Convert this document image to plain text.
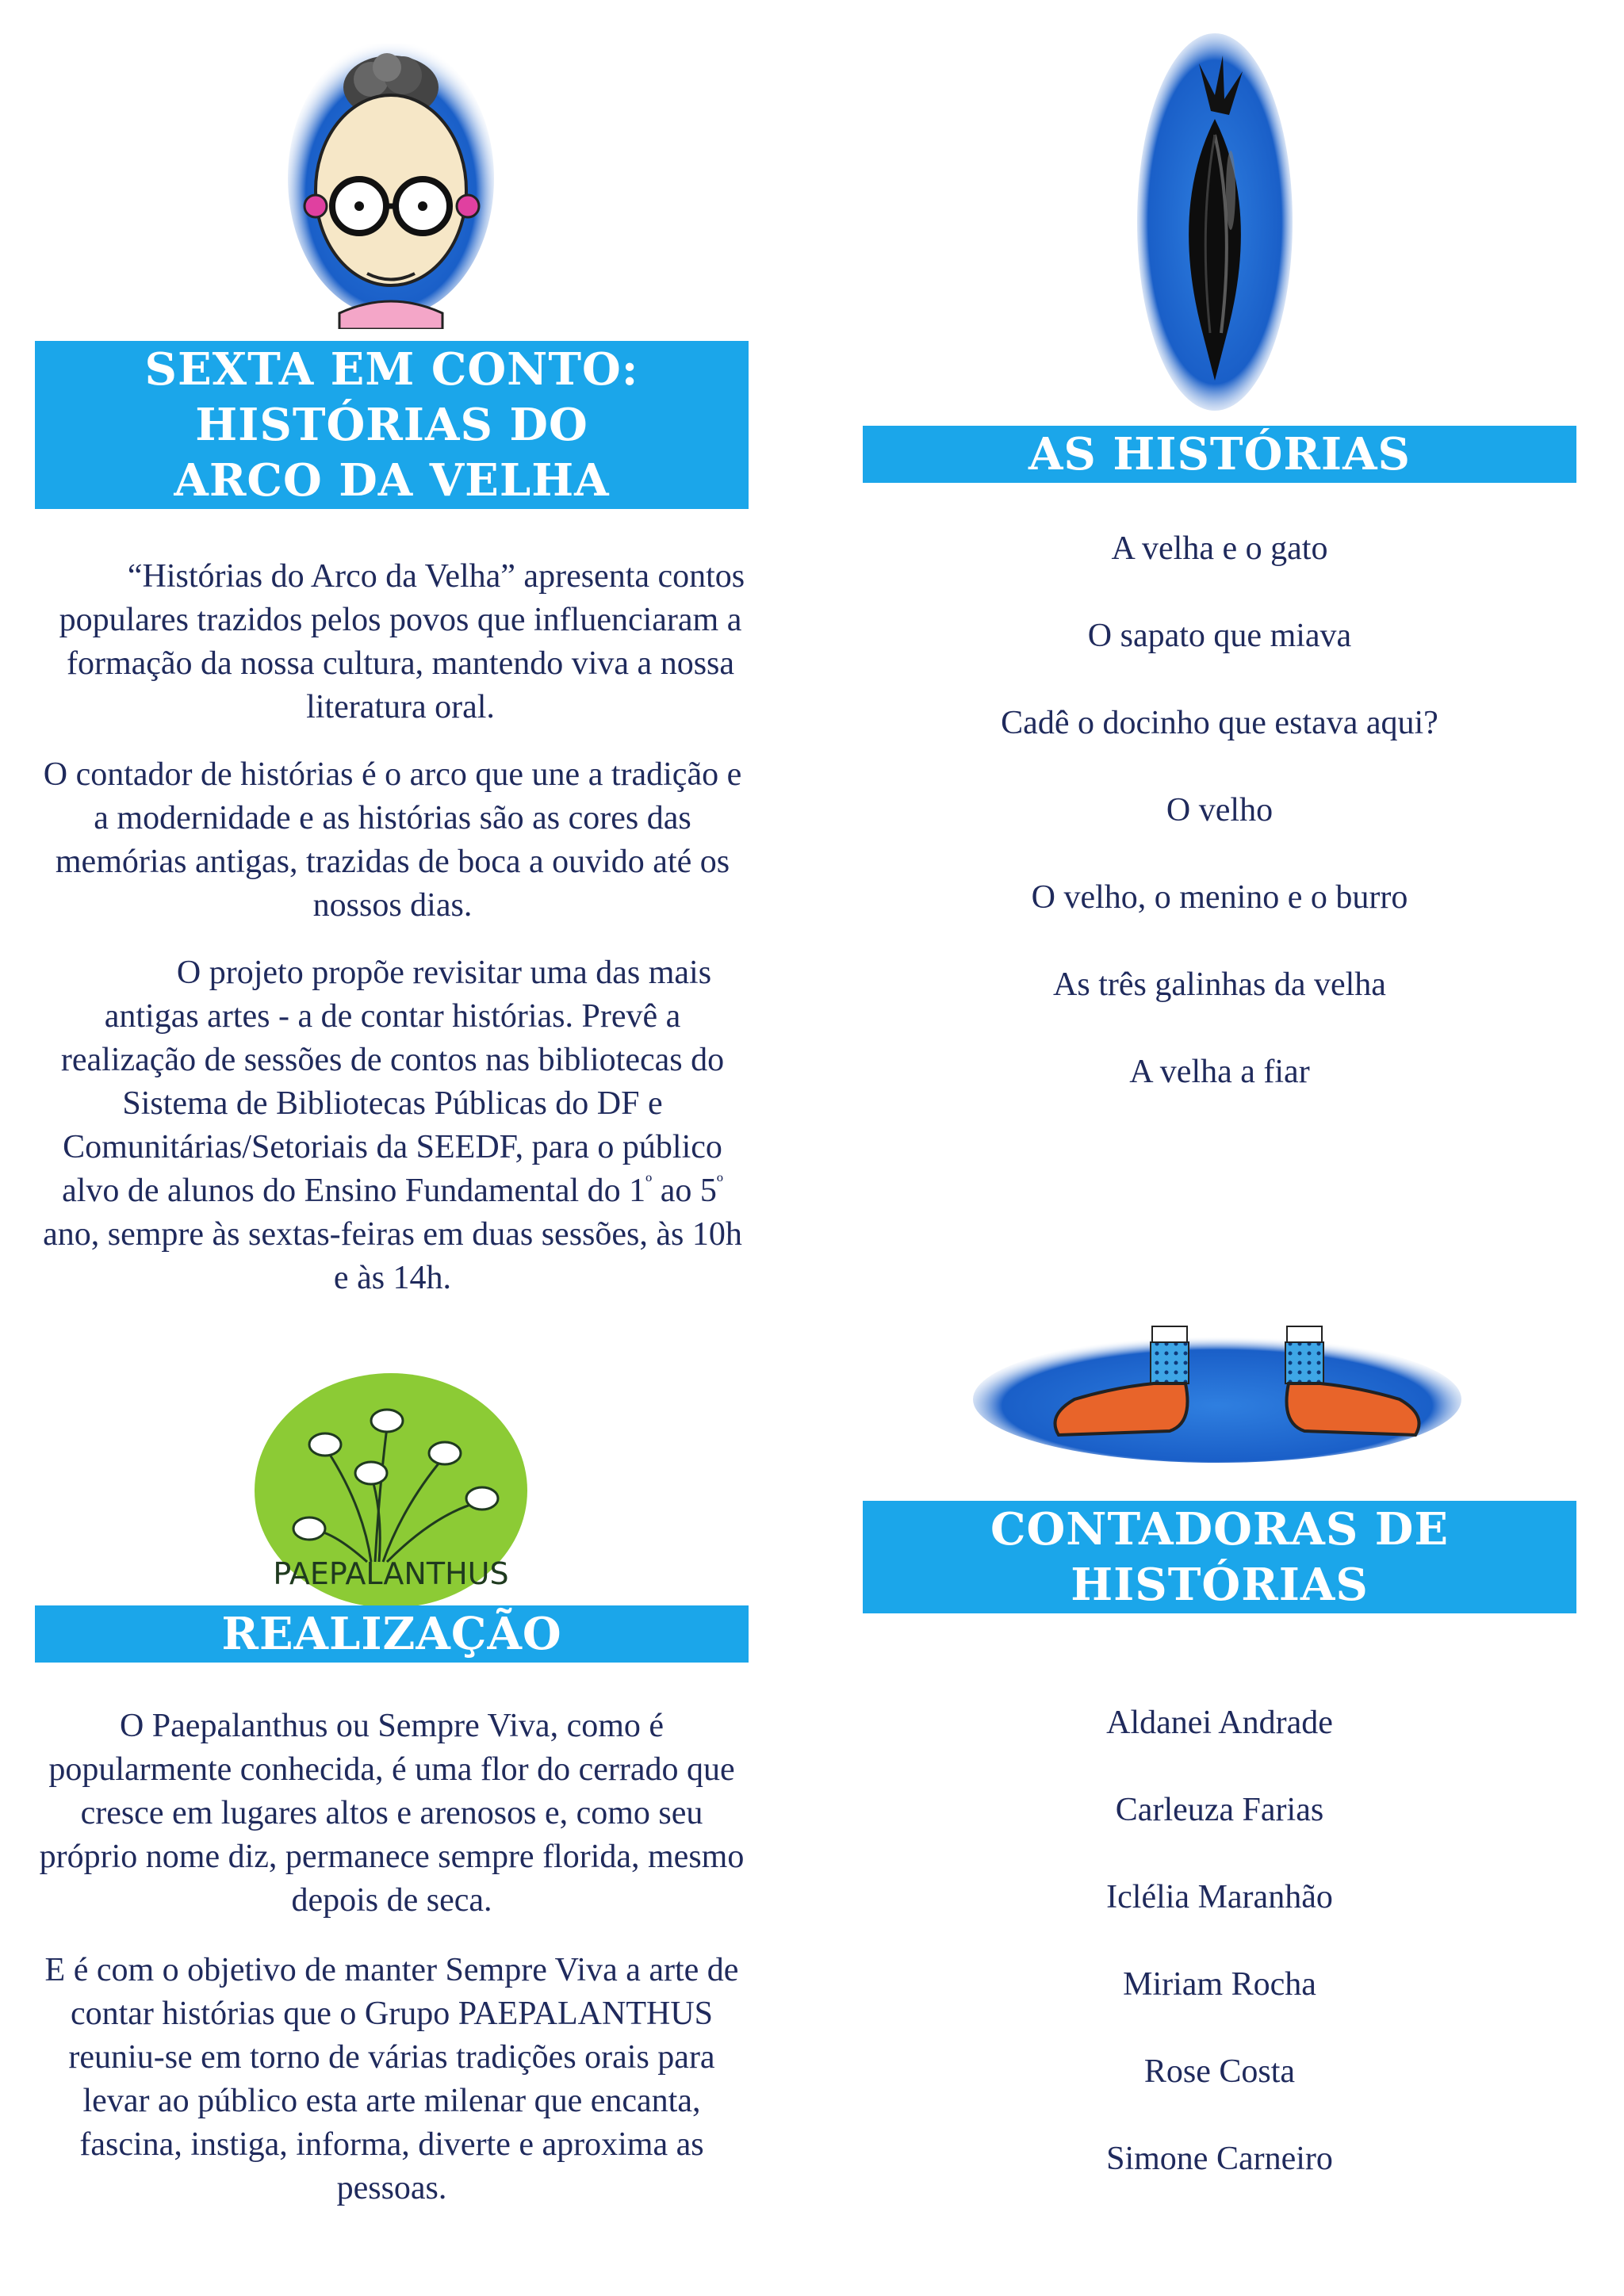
SEXTA EM CONTO:
HISTÓRIAS DO
ARCO DA VELHA

“Histórias do Arco da Velha” apresenta contos populares trazidos pelos povos que influenciaram a formação da nossa cultura, mantendo viva a nossa literatura oral.

O contador de histórias é o arco que une a tradição e a modernidade e as histórias são as cores das memórias antigas, trazidas de boca a ouvido até os nossos dias.

O projeto propõe revisitar uma das mais antigas artes - a de contar histórias. Prevê a realização de sessões de contos nas bibliotecas do Sistema de Bibliotecas Públicas do DF e Comunitárias/Setoriais da SEEDF, para o público alvo de alunos do Ensino Fundamental do $1^º$ ao $5^º$ ano, sempre às sextas-feiras em duas sessões, às 10h e às 14h.

PAEPALANTHUS
REALIZAÇÃO

O Paepalanthus ou Sempre Viva, como é popularmente conhecida, é uma flor do cerrado que cresce em lugares altos e arenosos e, como seu próprio nome diz, permanece sempre florida, mesmo depois de seca.

E é com o objetivo de manter Sempre Viva a arte de contar histórias que o Grupo PAEPALANTHUS reuniu-se em torno de várias tradições orais para levar ao público esta arte milenar que encanta, fascina, instiga, informa, diverte e aproxima as pessoas.

AS HISTÓRIAS
A velha e o gato
O sapato que miava
Cadê o docinho que estava aqui?
O velho
O velho, o menino e o burro
As três galinhas da velha
A velha a fiar
CONTADORAS DE
HISTÓRIAS
Aldanei Andrade
Carleuza Farias
Iclélia Maranhão
Miriam Rocha
Rose Costa
Simone Carneiro
